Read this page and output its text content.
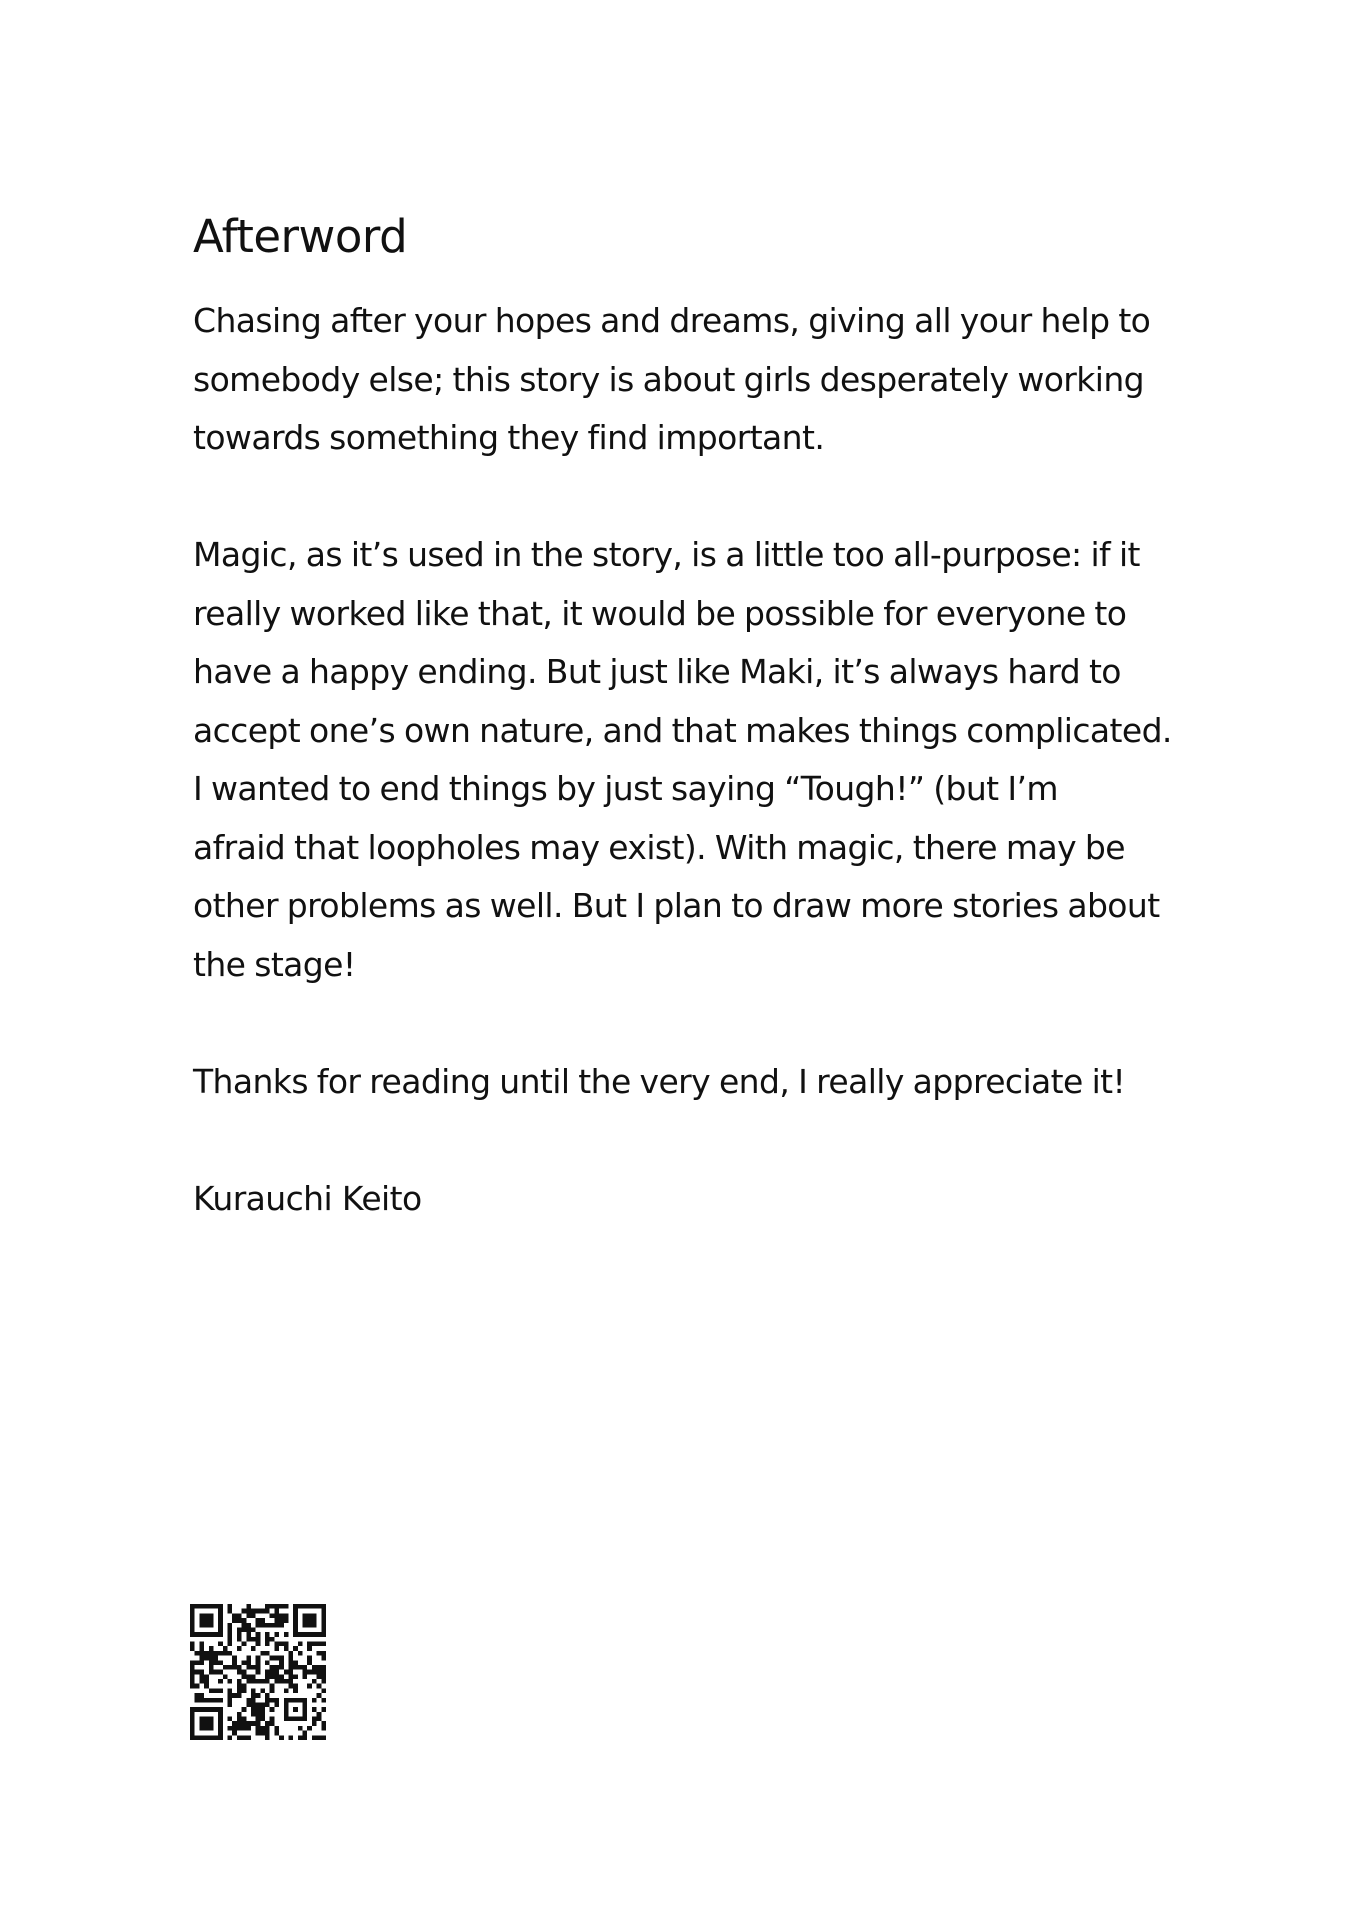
Afterword

Chasing after your hopes and dreams, giving all your help to
somebody else; this story is about girls desperately working
towards something they find important.

Magic, as it’s used in the story, is a little too all-purpose: if it
really worked like that, it would be possible for everyone to
have a happy ending. But just like Maki, it’s always hard to
accept one’s own nature, and that makes things complicated.
I wanted to end things by just saying “Tough!” (but I’m
afraid that loopholes may exist). With magic, there may be
other problems as well. But I plan to draw more stories about
the stage!

Thanks for reading until the very end, I really appreciate it!

Kurauchi Keito
